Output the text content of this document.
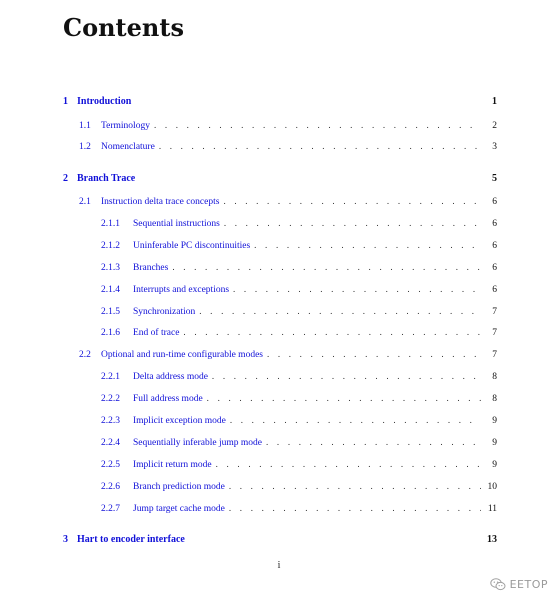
Contents
1 Introduction	1
1.1	Terminology . . .	2
1.2	Nomenclature . . .	3
2 Branch Trace	5
2.1	Instruction delta trace concepts . . .	6
2.1.1	Sequential instructions . . .	6
2.1.2	Uninferable PC discontinuities . . .	6
2.1.3	Branches . . .	6
2.1.4	Interrupts and exceptions . . .	6
2.1.5	Synchronization . . .	7
2.1.6	End of trace . . .	7
2.2	Optional and run-time configurable modes . . .	7
2.2.1	Delta address mode . . .	8
2.2.2	Full address mode . . .	8
2.2.3	Implicit exception mode . . .	9
2.2.4	Sequentially inferable jump mode . . .	9
2.2.5	Implicit return mode . . .	9
2.2.6	Branch prediction mode . . .	10
2.2.7	Jump target cache mode . . .	11
3 Hart to encoder interface	13
i
EETOP
